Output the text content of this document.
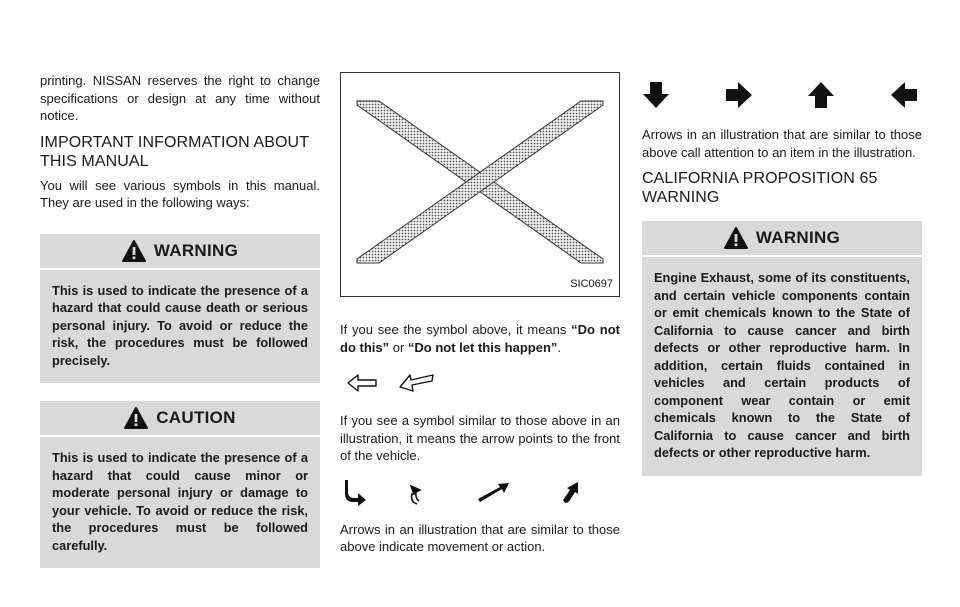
printing. NISSAN reserves the right to change specifications or design at any time without notice.

IMPORTANT INFORMATION ABOUT THIS MANUAL

You will see various symbols in this manual. They are used in the following ways:

WARNING
This is used to indicate the presence of a hazard that could cause death or serious personal injury. To avoid or reduce the risk, the procedures must be followed precisely.
CAUTION
This is used to indicate the presence of a hazard that could cause minor or moderate personal injury or damage to your vehicle. To avoid or reduce the risk, the procedures must be followed carefully.
SIC0697

If you see the symbol above, it means “Do not do this” or “Do not let this happen”.

If you see a symbol similar to those above in an illustration, it means the arrow points to the front of the vehicle.

Arrows in an illustration that are similar to those above indicate movement or action.

Arrows in an illustration that are similar to those above call attention to an item in the illustration.

CALIFORNIA PROPOSITION 65 WARNING
WARNING
Engine Exhaust, some of its constituents, and certain vehicle components contain or emit chemicals known to the State of California to cause cancer and birth defects or other reproductive harm. In addition, certain fluids contained in vehicles and certain products of component wear contain or emit chemicals known to the State of California to cause cancer and birth defects or other reproductive harm.
